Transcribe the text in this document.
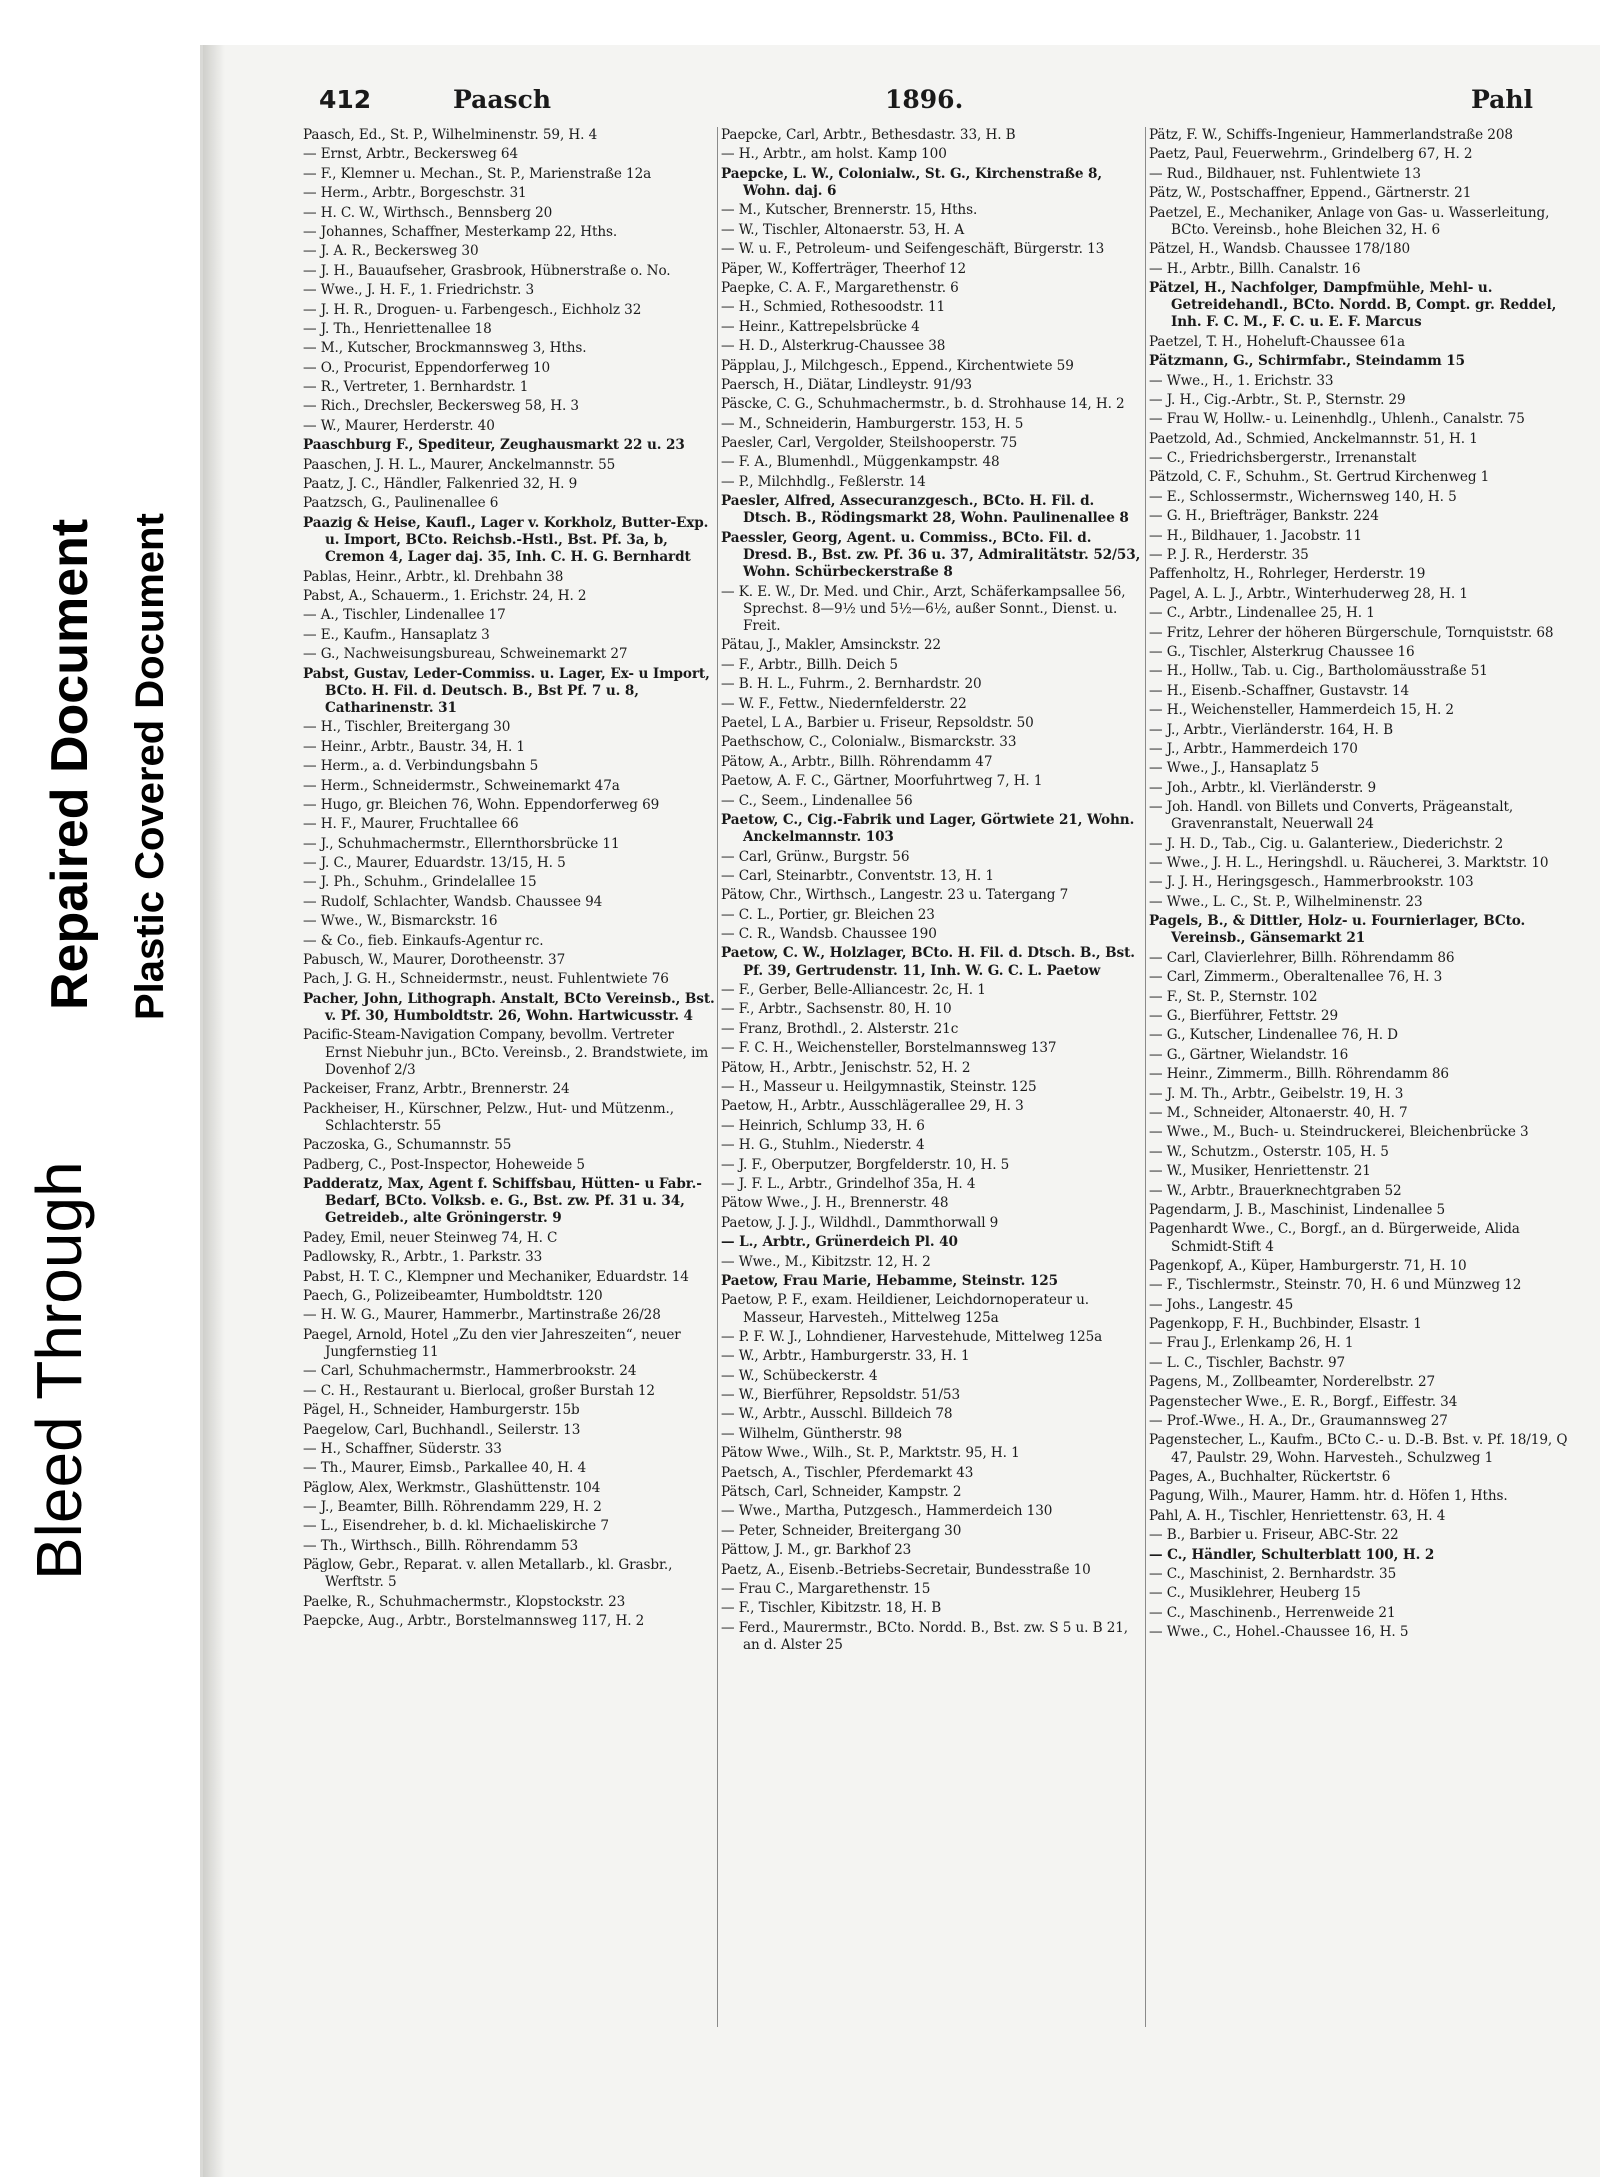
Repaired Document Plastic Covered Document
Bleed Through
412	Paasch	1896.	Pahl
Paasch, Ed., St. P., Wilhelminenstr. 59, H. 4
— Ernst, Arbtr., Beckersweg 64
— F., Klemner u. Mechan., St. P., Marienstraße 12a
— Herm., Arbtr., Borgeschstr. 31
— H. C. W., Wirthsch., Bennsberg 20
— Johannes, Schaffner, Mesterkamp 22, Hths.
— J. A. R., Beckersweg 30
— J. H., Bauaufseher, Grasbrook, Hübnerstraße o. No.
— Wwe., J. H. F., 1. Friedrichstr. 3
— J. H. R., Droguen- u. Farbengesch., Eichholz 32
— J. Th., Henriettenallee 18
— M., Kutscher, Brockmannsweg 3, Hths.
— O., Procurist, Eppendorferweg 10
— R., Vertreter, 1. Bernhardstr. 1
— Rich., Drechsler, Beckersweg 58, H. 3
— W., Maurer, Herderstr. 40
Paaschburg F., Spediteur, Zeughausmarkt 22 u. 23
Paaschen, J. H. L., Maurer, Anckelmannstr. 55
Paatz, J. C., Händler, Falkenried 32, H. 9
Paatzsch, G., Paulinenallee 6
Paazig & Heise, Kaufl., Lager v. Korkholz, Butter-Exp. u. Import, BCto. Reichsb.-Hstl., Bst. Pf. 3a, b, Cremon 4, Lager daj. 35, Inh. C. H. G. Bernhardt
Pablas, Heinr., Arbtr., kl. Drehbahn 38
Pabst, A., Schauerm., 1. Erichstr. 24, H. 2
— A., Tischler, Lindenallee 17
— E., Kaufm., Hansaplatz 3
— G., Nachweisungsbureau, Schweinemarkt 27
Pabst, Gustav, Leder-Commiss. u. Lager, Ex- u Import, BCto. H. Fil. d. Deutsch. B., Bst Pf. 7 u. 8, Catharinenstr. 31
— H., Tischler, Breitergang 30
— Heinr., Arbtr., Baustr. 34, H. 1
— Herm., a. d. Verbindungsbahn 5
— Herm., Schneidermstr., Schweinemarkt 47a
— Hugo, gr. Bleichen 76, Wohn. Eppendorferweg 69
— H. F., Maurer, Fruchtallee 66
— J., Schuhmachermstr., Ellernthorsbrücke 11
— J. C., Maurer, Eduardstr. 13/15, H. 5
— J. Ph., Schuhm., Grindelallee 15
— Rudolf, Schlachter, Wandsb. Chaussee 94
— Wwe., W., Bismarckstr. 16
— & Co., fieb. Einkaufs-Agentur rc.
Pabusch, W., Maurer, Dorotheenstr. 37
Pach, J. G. H., Schneidermstr., neust. Fuhlentwiete 76
Pacher, John, Lithograph. Anstalt, BCto Vereinsb., Bst. v. Pf. 30, Humboldtstr. 26, Wohn. Hartwicusstr. 4
Pacific-Steam-Navigation Company, bevollm. Vertreter Ernst Niebuhr jun., BCto. Vereinsb., 2. Brandstwiete, im Dovenhof 2/3
Packeiser, Franz, Arbtr., Brennerstr. 24
Packheiser, H., Kürschner, Pelzw., Hut- und Mützenm., Schlachterstr. 55
Paczoska, G., Schumannstr. 55
Padberg, C., Post-Inspector, Hoheweide 5
Padderatz, Max, Agent f. Schiffsbau, Hütten- u Fabr.-Bedarf, BCto. Volksb. e. G., Bst. zw. Pf. 31 u. 34, Getreideb., alte Gröningerstr. 9
Padey, Emil, neuer Steinweg 74, H. C
Padlowsky, R., Arbtr., 1. Parkstr. 33
Pabst, H. T. C., Klempner und Mechaniker, Eduardstr. 14
Paech, G., Polizeibeamter, Humboldtstr. 120
— H. W. G., Maurer, Hammerbr., Martinstraße 26/28
Paegel, Arnold, Hotel „Zu den vier Jahreszeiten“, neuer Jungfernstieg 11
— Carl, Schuhmachermstr., Hammerbrookstr. 24
— C. H., Restaurant u. Bierlocal, großer Burstah 12
Pägel, H., Schneider, Hamburgerstr. 15b
Paegelow, Carl, Buchhandl., Seilerstr. 13
— H., Schaffner, Süderstr. 33
— Th., Maurer, Eimsb., Parkallee 40, H. 4
Päglow, Alex, Werkmstr., Glashüttenstr. 104
— J., Beamter, Billh. Röhrendamm 229, H. 2
— L., Eisendreher, b. d. kl. Michaeliskirche 7
— Th., Wirthsch., Billh. Röhrendamm 53
Päglow, Gebr., Reparat. v. allen Metallarb., kl. Grasbr., Werftstr. 5
Paelke, R., Schuhmachermstr., Klopstockstr. 23
Paepcke, Aug., Arbtr., Borstelmannsweg 117, H. 2
Paepcke, Carl, Arbtr., Bethesdastr. 33, H. B
— H., Arbtr., am holst. Kamp 100
Paepcke, L. W., Colonialw., St. G., Kirchenstraße 8, Wohn. daj. 6
— M., Kutscher, Brennerstr. 15, Hths.
— W., Tischler, Altonaerstr. 53, H. A
— W. u. F., Petroleum- und Seifengeschäft, Bürgerstr. 13
Päper, W., Kofferträger, Theerhof 12
Paepke, C. A. F., Margarethenstr. 6
— H., Schmied, Rothesoodstr. 11
— Heinr., Kattrepelsbrücke 4
— H. D., Alsterkrug-Chaussee 38
Päpplau, J., Milchgesch., Eppend., Kirchentwiete 59
Paersch, H., Diätar, Lindleystr. 91/93
Päscke, C. G., Schuhmachermstr., b. d. Strohhause 14, H. 2
— M., Schneiderin, Hamburgerstr. 153, H. 5
Paesler, Carl, Vergolder, Steilshooperstr. 75
— F. A., Blumenhdl., Müggenkampstr. 48
— P., Milchhdlg., Feßlerstr. 14
Paesler, Alfred, Assecuranzgesch., BCto. H. Fil. d. Dtsch. B., Rödingsmarkt 28, Wohn. Paulinenallee 8
Paessler, Georg, Agent. u. Commiss., BCto. Fil. d. Dresd. B., Bst. zw. Pf. 36 u. 37, Admiralitätstr. 52/53, Wohn. Schürbeckerstraße 8
— K. E. W., Dr. Med. und Chir., Arzt, Schäferkampsallee 56, Sprechst. 8—9½ und 5½—6½, außer Sonnt., Dienst. u. Freit.
Pätau, J., Makler, Amsinckstr. 22
— F., Arbtr., Billh. Deich 5
— B. H. L., Fuhrm., 2. Bernhardstr. 20
— W. F., Fettw., Niedernfelderstr. 22
Paetel, L A., Barbier u. Friseur, Repsoldstr. 50
Paethschow, C., Colonialw., Bismarckstr. 33
Pätow, A., Arbtr., Billh. Röhrendamm 47
Paetow, A. F. C., Gärtner, Moorfuhrtweg 7, H. 1
— C., Seem., Lindenallee 56
Paetow, C., Cig.-Fabrik und Lager, Görtwiete 21, Wohn. Anckelmannstr. 103
— Carl, Grünw., Burgstr. 56
— Carl, Steinarbtr., Conventstr. 13, H. 1
Pätow, Chr., Wirthsch., Langestr. 23 u. Tatergang 7
— C. L., Portier, gr. Bleichen 23
— C. R., Wandsb. Chaussee 190
Paetow, C. W., Holzlager, BCto. H. Fil. d. Dtsch. B., Bst. Pf. 39, Gertrudenstr. 11, Inh. W. G. C. L. Paetow
— F., Gerber, Belle-Alliancestr. 2c, H. 1
— F., Arbtr., Sachsenstr. 80, H. 10
— Franz, Brothdl., 2. Alsterstr. 21c
— F. C. H., Weichensteller, Borstelmannsweg 137
Pätow, H., Arbtr., Jenischstr. 52, H. 2
— H., Masseur u. Heilgymnastik, Steinstr. 125
Paetow, H., Arbtr., Ausschlägerallee 29, H. 3
— Heinrich, Schlump 33, H. 6
— H. G., Stuhlm., Niederstr. 4
— J. F., Oberputzer, Borgfelderstr. 10, H. 5
— J. F. L., Arbtr., Grindelhof 35a, H. 4
Pätow Wwe., J. H., Brennerstr. 48
Paetow, J. J. J., Wildhdl., Dammthorwall 9
— L., Arbtr., Grünerdeich Pl. 40
— Wwe., M., Kibitzstr. 12, H. 2
Paetow, Frau Marie, Hebamme, Steinstr. 125
Paetow, P. F., exam. Heildiener, Leichdornoperateur u. Masseur, Harvesteh., Mittelweg 125a
— P. F. W. J., Lohndiener, Harvestehude, Mittelweg 125a
— W., Arbtr., Hamburgerstr. 33, H. 1
— W., Schübeckerstr. 4
— W., Bierführer, Repsoldstr. 51/53
— W., Arbtr., Ausschl. Billdeich 78
— Wilhelm, Güntherstr. 98
Pätow Wwe., Wilh., St. P., Marktstr. 95, H. 1
Paetsch, A., Tischler, Pferdemarkt 43
Pätsch, Carl, Schneider, Kampstr. 2
— Wwe., Martha, Putzgesch., Hammerdeich 130
— Peter, Schneider, Breitergang 30
Pättow, J. M., gr. Barkhof 23
Paetz, A., Eisenb.-Betriebs-Secretair, Bundesstraße 10
— Frau C., Margarethenstr. 15
— F., Tischler, Kibitzstr. 18, H. B
— Ferd., Maurermstr., BCto. Nordd. B., Bst. zw. S 5 u. B 21, an d. Alster 25
Pätz, F. W., Schiffs-Ingenieur, Hammerlandstraße 208
Paetz, Paul, Feuerwehrm., Grindelberg 67, H. 2
— Rud., Bildhauer, nst. Fuhlentwiete 13
Pätz, W., Postschaffner, Eppend., Gärtnerstr. 21
Paetzel, E., Mechaniker, Anlage von Gas- u. Wasserleitung, BCto. Vereinsb., hohe Bleichen 32, H. 6
Pätzel, H., Wandsb. Chaussee 178/180
— H., Arbtr., Billh. Canalstr. 16
Pätzel, H., Nachfolger, Dampfmühle, Mehl- u. Getreidehandl., BCto. Nordd. B, Compt. gr. Reddel, Inh. F. C. M., F. C. u. E. F. Marcus
Paetzel, T. H., Hoheluft-Chaussee 61a
Pätzmann, G., Schirmfabr., Steindamm 15
— Wwe., H., 1. Erichstr. 33
— J. H., Cig.-Arbtr., St. P., Sternstr. 29
— Frau W, Hollw.- u. Leinenhdlg., Uhlenh., Canalstr. 75
Paetzold, Ad., Schmied, Anckelmannstr. 51, H. 1
— C., Friedrichsbergerstr., Irrenanstalt
Pätzold, C. F., Schuhm., St. Gertrud Kirchenweg 1
— E., Schlossermstr., Wichernsweg 140, H. 5
— G. H., Briefträger, Bankstr. 224
— H., Bildhauer, 1. Jacobstr. 11
— P. J. R., Herderstr. 35
Paffenholtz, H., Rohrleger, Herderstr. 19
Pagel, A. L. J., Arbtr., Winterhuderweg 28, H. 1
— C., Arbtr., Lindenallee 25, H. 1
— Fritz, Lehrer der höheren Bürgerschule, Tornquiststr. 68
— G., Tischler, Alsterkrug Chaussee 16
— H., Hollw., Tab. u. Cig., Bartholomäusstraße 51
— H., Eisenb.-Schaffner, Gustavstr. 14
— H., Weichensteller, Hammerdeich 15, H. 2
— J., Arbtr., Vierländerstr. 164, H. B
— J., Arbtr., Hammerdeich 170
— Wwe., J., Hansaplatz 5
— Joh., Arbtr., kl. Vierländerstr. 9
— Joh. Handl. von Billets und Converts, Prägeanstalt, Gravenranstalt, Neuerwall 24
— J. H. D., Tab., Cig. u. Galanteriew., Diederichstr. 2
— Wwe., J. H. L., Heringshdl. u. Räucherei, 3. Marktstr. 10
— J. J. H., Heringsgesch., Hammerbrookstr. 103
— Wwe., L. C., St. P., Wilhelminenstr. 23
Pagels, B., & Dittler, Holz- u. Fournierlager, BCto. Vereinsb., Gänsemarkt 21
— Carl, Clavierlehrer, Billh. Röhrendamm 86
— Carl, Zimmerm., Oberaltenallee 76, H. 3
— F., St. P., Sternstr. 102
— G., Bierführer, Fettstr. 29
— G., Kutscher, Lindenallee 76, H. D
— G., Gärtner, Wielandstr. 16
— Heinr., Zimmerm., Billh. Röhrendamm 86
— J. M. Th., Arbtr., Geibelstr. 19, H. 3
— M., Schneider, Altonaerstr. 40, H. 7
— Wwe., M., Buch- u. Steindruckerei, Bleichenbrücke 3
— W., Schutzm., Osterstr. 105, H. 5
— W., Musiker, Henriettenstr. 21
— W., Arbtr., Brauerknechtgraben 52
Pagendarm, J. B., Maschinist, Lindenallee 5
Pagenhardt Wwe., C., Borgf., an d. Bürgerweide, Alida Schmidt-Stift 4
Pagenkopf, A., Küper, Hamburgerstr. 71, H. 10
— F., Tischlermstr., Steinstr. 70, H. 6 und Münzweg 12
— Johs., Langestr. 45
Pagenkopp, F. H., Buchbinder, Elsastr. 1
— Frau J., Erlenkamp 26, H. 1
— L. C., Tischler, Bachstr. 97
Pagens, M., Zollbeamter, Norderelbstr. 27
Pagenstecher Wwe., E. R., Borgf., Eiffestr. 34
— Prof.-Wwe., H. A., Dr., Graumannsweg 27
Pagenstecher, L., Kaufm., BCto C.- u. D.-B. Bst. v. Pf. 18/19, Q 47, Paulstr. 29, Wohn. Harvesteh., Schulzweg 1
Pages, A., Buchhalter, Rückertstr. 6
Pagung, Wilh., Maurer, Hamm. htr. d. Höfen 1, Hths.
Pahl, A. H., Tischler, Henriettenstr. 63, H. 4
— B., Barbier u. Friseur, ABC-Str. 22
— C., Händler, Schulterblatt 100, H. 2
— C., Maschinist, 2. Bernhardstr. 35
— C., Musiklehrer, Heuberg 15
— C., Maschinenb., Herrenweide 21
— Wwe., C., Hohel.-Chaussee 16, H. 5
